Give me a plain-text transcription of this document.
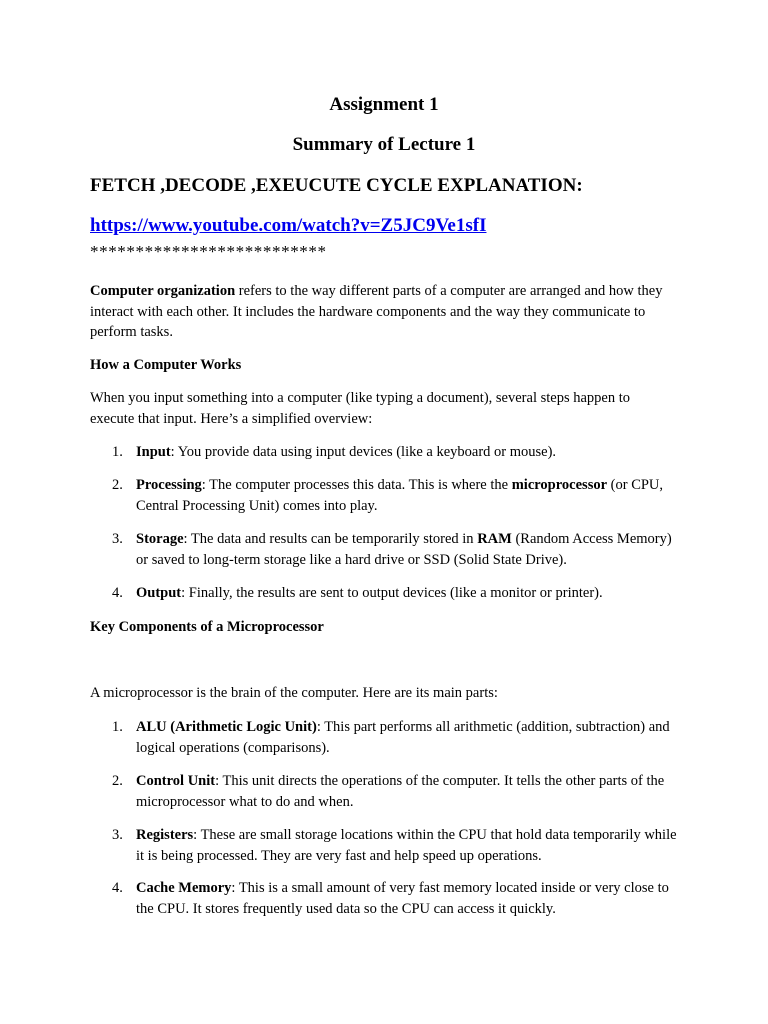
Assignment 1
Summary of Lecture 1
FETCH ,DECODE ,EXEUCUTE CYCLE EXPLANATION:
https://www.youtube.com/watch?v=Z5JC9Ve1sfI
**************************
Computer organization refers to the way different parts of a computer are arranged and how they interact with each other. It includes the hardware components and the way they communicate to perform tasks.
How a Computer Works
When you input something into a computer (like typing a document), several steps happen to execute that input. Here’s a simplified overview:
1. Input: You provide data using input devices (like a keyboard or mouse).
2. Processing: The computer processes this data. This is where the microprocessor (or CPU, Central Processing Unit) comes into play.
3. Storage: The data and results can be temporarily stored in RAM (Random Access Memory) or saved to long-term storage like a hard drive or SSD (Solid State Drive).
4. Output: Finally, the results are sent to output devices (like a monitor or printer).
Key Components of a Microprocessor
A microprocessor is the brain of the computer. Here are its main parts:
1. ALU (Arithmetic Logic Unit): This part performs all arithmetic (addition, subtraction) and logical operations (comparisons).
2. Control Unit: This unit directs the operations of the computer. It tells the other parts of the microprocessor what to do and when.
3. Registers: These are small storage locations within the CPU that hold data temporarily while it is being processed. They are very fast and help speed up operations.
4. Cache Memory: This is a small amount of very fast memory located inside or very close to the CPU. It stores frequently used data so the CPU can access it quickly.
